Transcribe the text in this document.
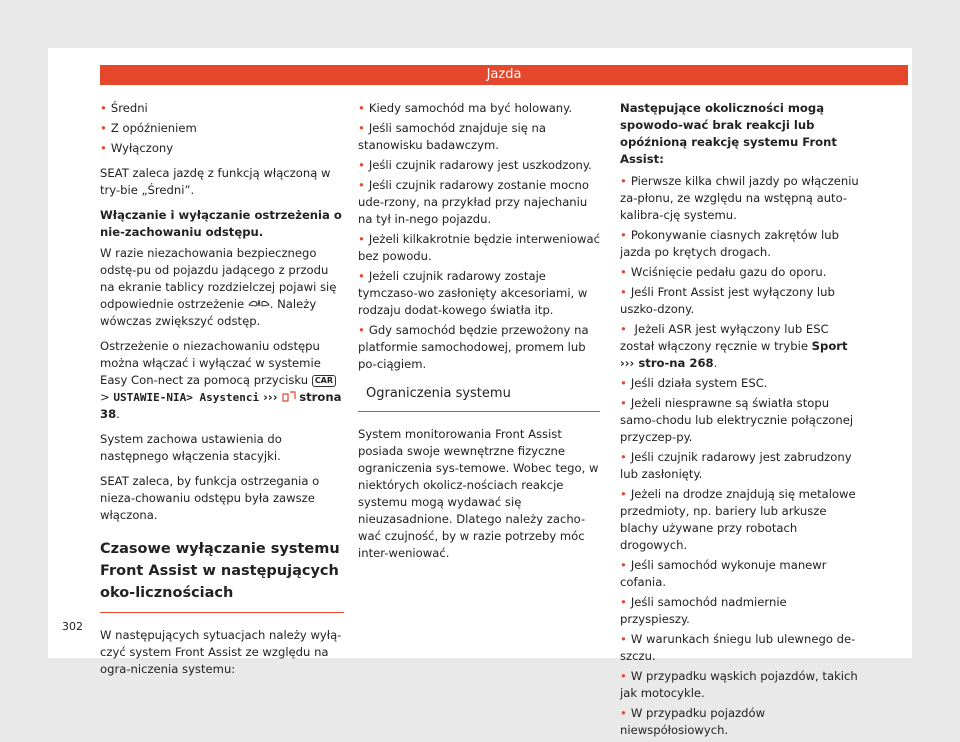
Jazda

• Średni

• Z opóźnieniem

• Wyłączony

SEAT zaleca jazdę z funkcją włączoną w try-bie „Średni”.

Włączanie i wyłączanie ostrzeżenia o nie-zachowaniu odstępu.

W razie niezachowania bezpiecznego odstę-pu od pojazdu jadącego z przodu na ekranie tablicy rozdzielczej pojawi się odpowiednie ostrzeżenie . Należy wówczas zwiększyć odstęp.

Ostrzeżenie o niezachowaniu odstępu można włączać i wyłączać w systemie Easy Con-nect za pomocą przycisku CAR > USTAWIE-NIA> Asystenci ›››  strona 38.

System zachowa ustawienia do następnego włączenia stacyjki.

SEAT zaleca, by funkcja ostrzegania o nieza-chowaniu odstępu była zawsze włączona.

Czasowe wyłączanie systemu Front Assist w następujących oko-licznościach

W następujących sytuacjach należy wyłą-czyć system Front Assist ze względu na ogra-niczenia systemu:

• Kiedy samochód ma być holowany.

• Jeśli samochód znajduje się na stanowisku badawczym.

• Jeśli czujnik radarowy jest uszkodzony.

• Jeśli czujnik radarowy zostanie mocno ude-rzony, na przykład przy najechaniu na tył in-nego pojazdu.

• Jeżeli kilkakrotnie będzie interweniować bez powodu.

• Jeżeli czujnik radarowy zostaje tymczaso-wo zasłonięty akcesoriami, w rodzaju dodat-kowego światła itp.

• Gdy samochód będzie przewożony na platformie samochodowej, promem lub po-ciągiem.

Ograniczenia systemu

System monitorowania Front Assist posiada swoje wewnętrzne fizyczne ograniczenia sys-temowe. Wobec tego, w niektórych okolicz-nościach reakcje systemu mogą wydawać się nieuzasadnione. Dlatego należy zacho-wać czujność, by w razie potrzeby móc inter-weniować.

Następujące okoliczności mogą spowodo-wać brak reakcji lub opóźnioną reakcję systemu Front Assist:

• Pierwsze kilka chwil jazdy po włączeniu za-płonu, ze względu na wstępną auto-kalibra-cję systemu.

• Pokonywanie ciasnych zakrętów lub jazda po krętych drogach.

• Wciśnięcie pedału gazu do oporu.

• Jeśli Front Assist jest wyłączony lub uszko-dzony.

• Jeżeli ASR jest wyłączony lub ESC został włączony ręcznie w trybie Sport ››› stro-na 268.

• Jeśli działa system ESC.

• Jeżeli niesprawne są światła stopu samo-chodu lub elektrycznie połączonej przyczep-py.

• Jeśli czujnik radarowy jest zabrudzony lub zasłonięty.

• Jeżeli na drodze znajdują się metalowe przedmioty, np. bariery lub arkusze blachy używane przy robotach drogowych.

• Jeśli samochód wykonuje manewr cofania.

• Jeśli samochód nadmiernie przyspieszy.

• W warunkach śniegu lub ulewnego de-szczu.

• W przypadku wąskich pojazdów, takich jak motocykle.

• W przypadku pojazdów niewspółosiowych.

302
